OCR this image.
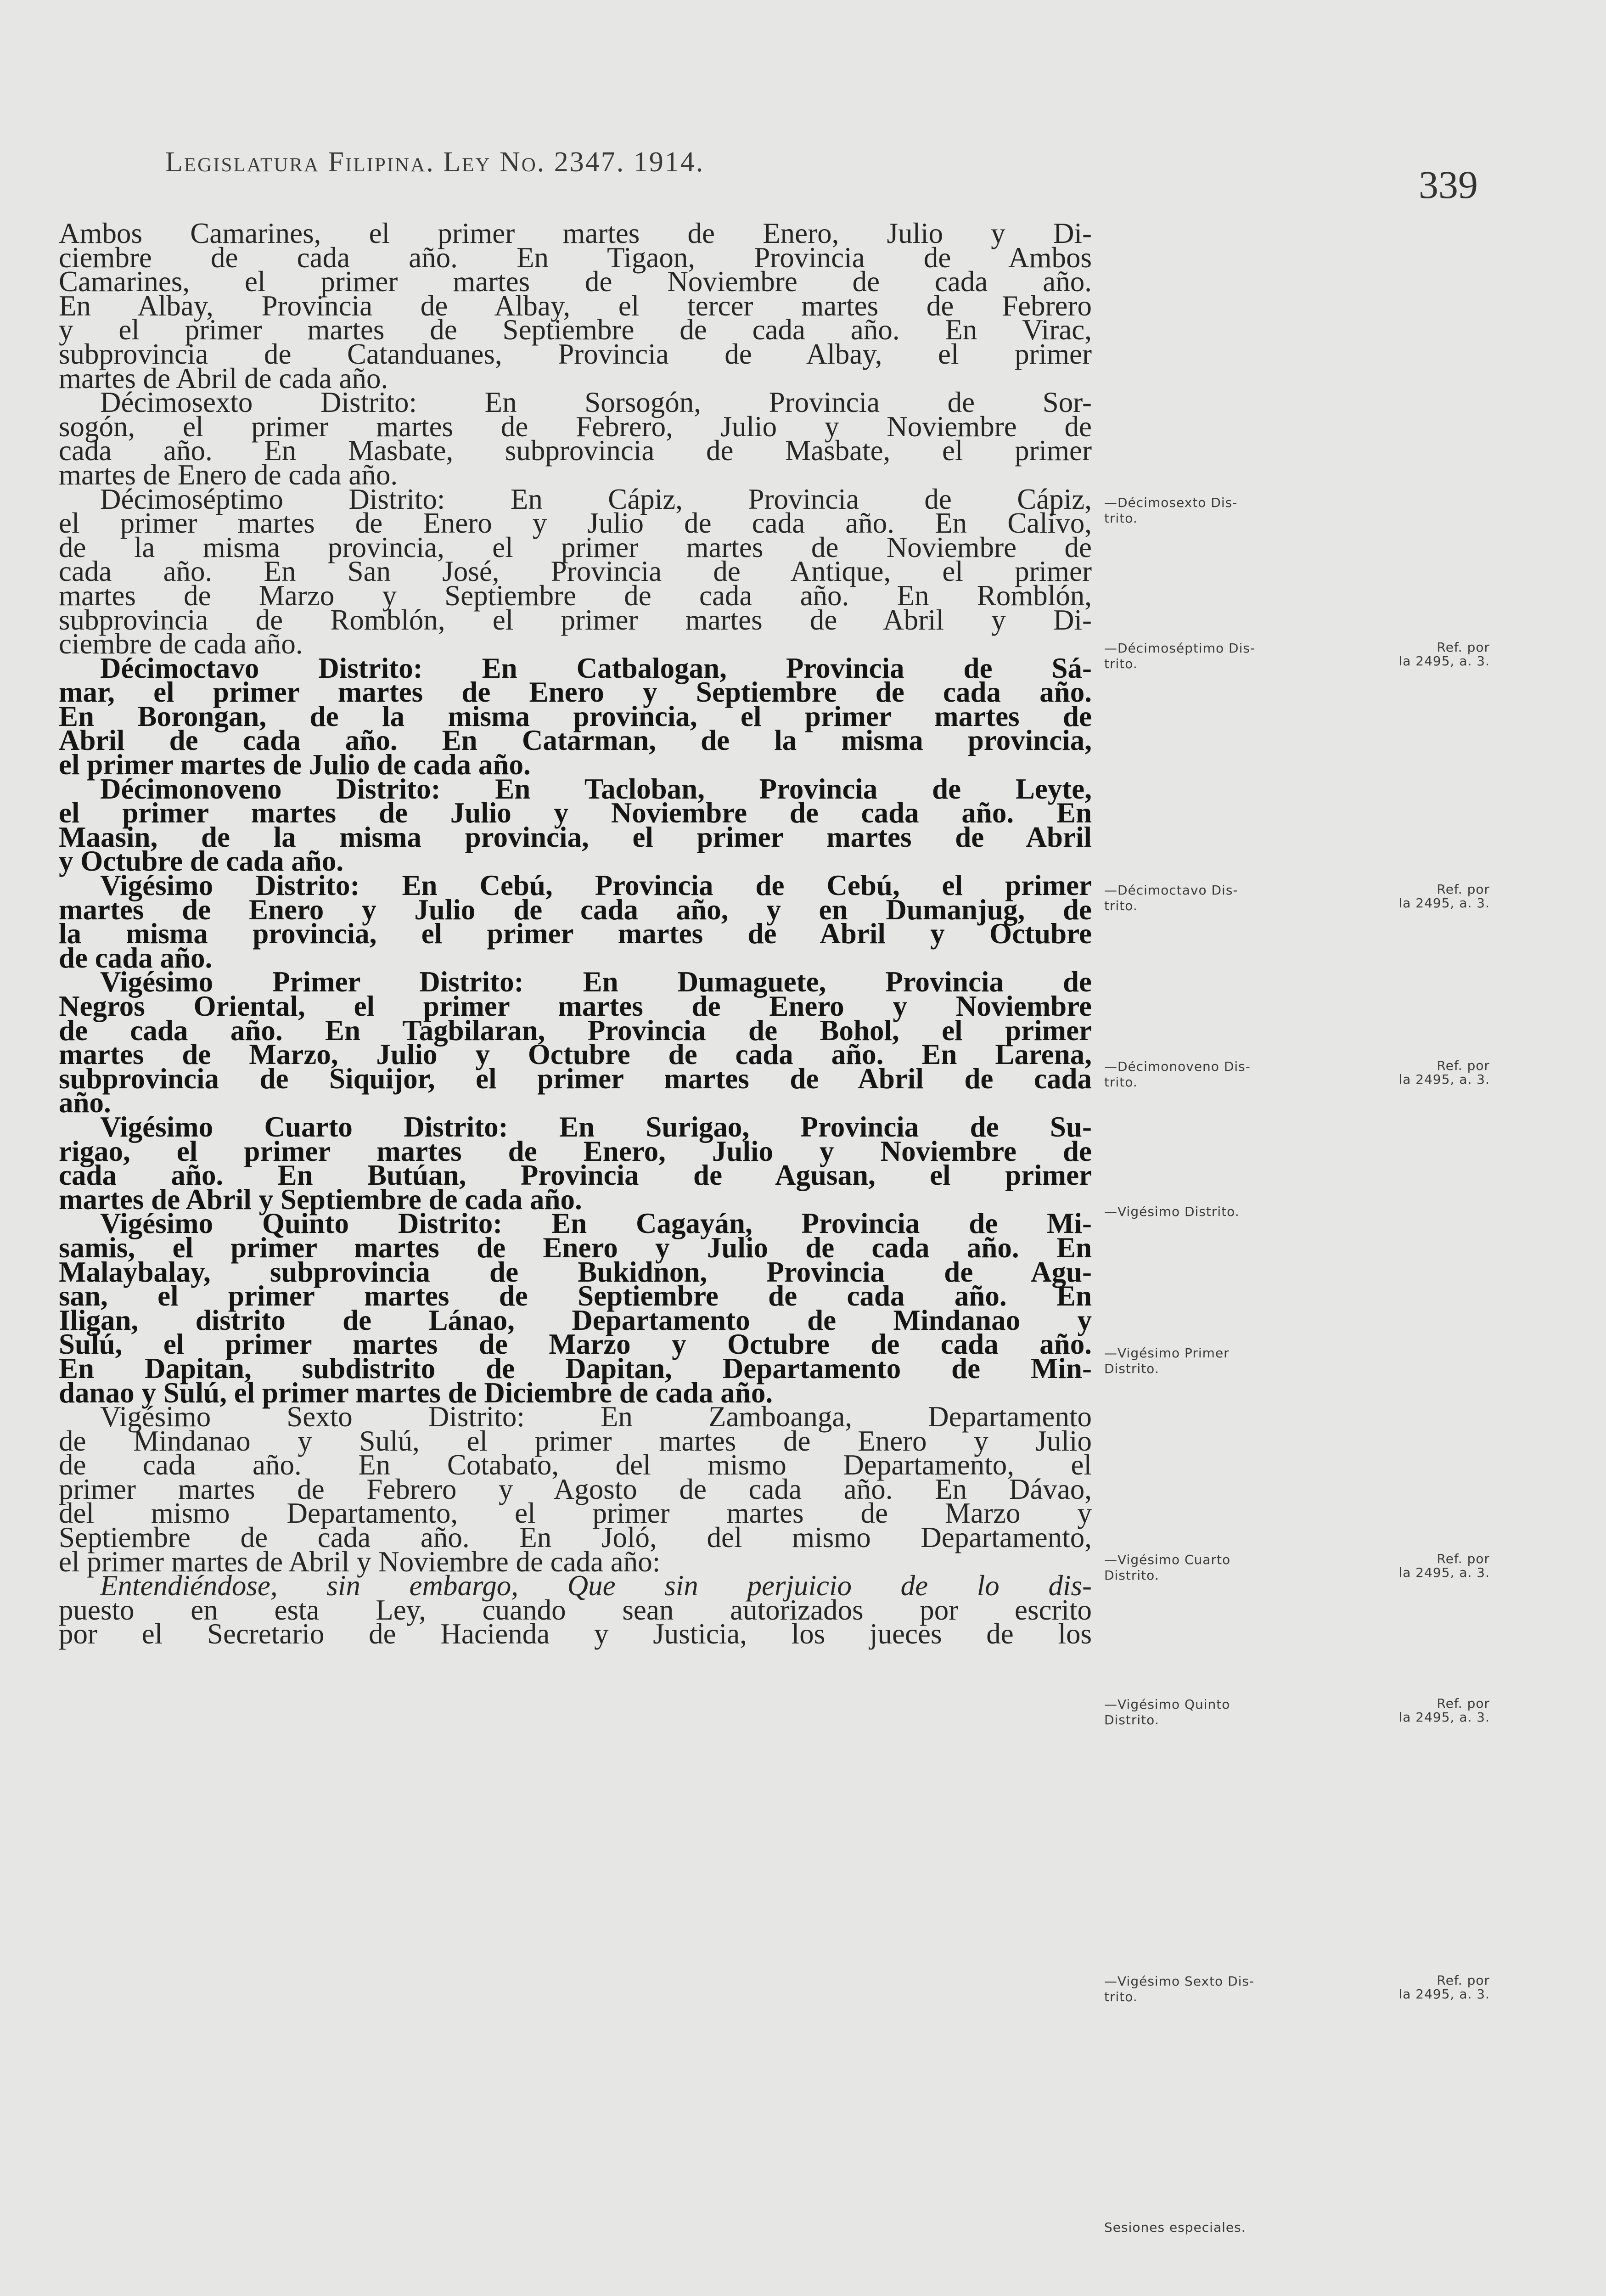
Legislatura Filipina. Ley No. 2347. 1914.
339
Ambos Camarines, el primer martes de Enero, Julio y Di-
ciembre de cada año. En Tigaon, Provincia de Ambos
Camarines, el primer martes de Noviembre de cada año.
En Albay, Provincia de Albay, el tercer martes de Febrero
y el primer martes de Septiembre de cada año. En Virac,
subprovincia de Catanduanes, Provincia de Albay, el primer
martes de Abril de cada año.
Décimosexto Distrito: En Sorsogón, Provincia de Sor-
sogón, el primer martes de Febrero, Julio y Noviembre de
cada año. En Masbate, subprovincia de Masbate, el primer
martes de Enero de cada año.
Décimoséptimo Distrito: En Cápiz, Provincia de Cápiz,
el primer martes de Enero y Julio de cada año. En Calivo,
de la misma provincia, el primer martes de Noviembre de
cada año. En San José, Provincia de Antique, el primer
martes de Marzo y Septiembre de cada año. En Romblón,
subprovincia de Romblón, el primer martes de Abril y Di-
ciembre de cada año.
Décimoctavo Distrito: En Catbalogan, Provincia de Sá-
mar, el primer martes de Enero y Septiembre de cada año.
En Borongan, de la misma provincia, el primer martes de
Abril de cada año. En Catarman, de la misma provincia,
el primer martes de Julio de cada año.
Décimonoveno Distrito: En Tacloban, Provincia de Leyte,
el primer martes de Julio y Noviembre de cada año. En
Maasin, de la misma provincia, el primer martes de Abril
y Octubre de cada año.
Vigésimo Distrito: En Cebú, Provincia de Cebú, el primer
martes de Enero y Julio de cada año, y en Dumanjug, de
la misma provincia, el primer martes de Abril y Octubre
de cada año.
Vigésimo Primer Distrito: En Dumaguete, Provincia de
Negros Oriental, el primer martes de Enero y Noviembre
de cada año. En Tagbilaran, Provincia de Bohol, el primer
martes de Marzo, Julio y Octubre de cada año. En Larena,
subprovincia de Siquijor, el primer martes de Abril de cada
año.
Vigésimo Cuarto Distrito: En Surigao, Provincia de Su-
rigao, el primer martes de Enero, Julio y Noviembre de
cada año. En Butúan, Provincia de Agusan, el primer
martes de Abril y Septiembre de cada año.
Vigésimo Quinto Distrito: En Cagayán, Provincia de Mi-
samis, el primer martes de Enero y Julio de cada año. En
Malaybalay, subprovincia de Bukidnon, Provincia de Agu-
san, el primer martes de Septiembre de cada año. En
Iligan, distrito de Lánao, Departamento de Mindanao y
Sulú, el primer martes de Marzo y Octubre de cada año.
En Dapitan, subdistrito de Dapitan, Departamento de Min-
danao y Sulú, el primer martes de Diciembre de cada año.
Vigésimo Sexto Distrito: En Zamboanga, Departamento
de Mindanao y Sulú, el primer martes de Enero y Julio
de cada año. En Cotabato, del mismo Departamento, el
primer martes de Febrero y Agosto de cada año. En Dávao,
del mismo Departamento, el primer martes de Marzo y
Septiembre de cada año. En Joló, del mismo Departamento,
el primer martes de Abril y Noviembre de cada año:
Entendiéndose, sin embargo, Que sin perjuicio de lo dis-
puesto en esta Ley, cuando sean autorizados por escrito
por el Secretario de Hacienda y Justicia, los jueces de los
—Décimosexto Dis-
trito.
—Décimoséptimo Dis-
trito.
Ref. por
la 2495, a. 3.
—Décimoctavo Dis-
trito.
Ref. por
la 2495, a. 3.
—Décimonoveno Dis-
trito.
Ref. por
la 2495, a. 3.
—Vigésimo Distrito.
—Vigésimo Primer
Distrito.
—Vigésimo Cuarto
Distrito.
Ref. por
la 2495, a. 3.
—Vigésimo Quinto
Distrito.
Ref. por
la 2495, a. 3.
—Vigésimo Sexto Dis-
trito.
Ref. por
la 2495, a. 3.
Sesiones especiales.
